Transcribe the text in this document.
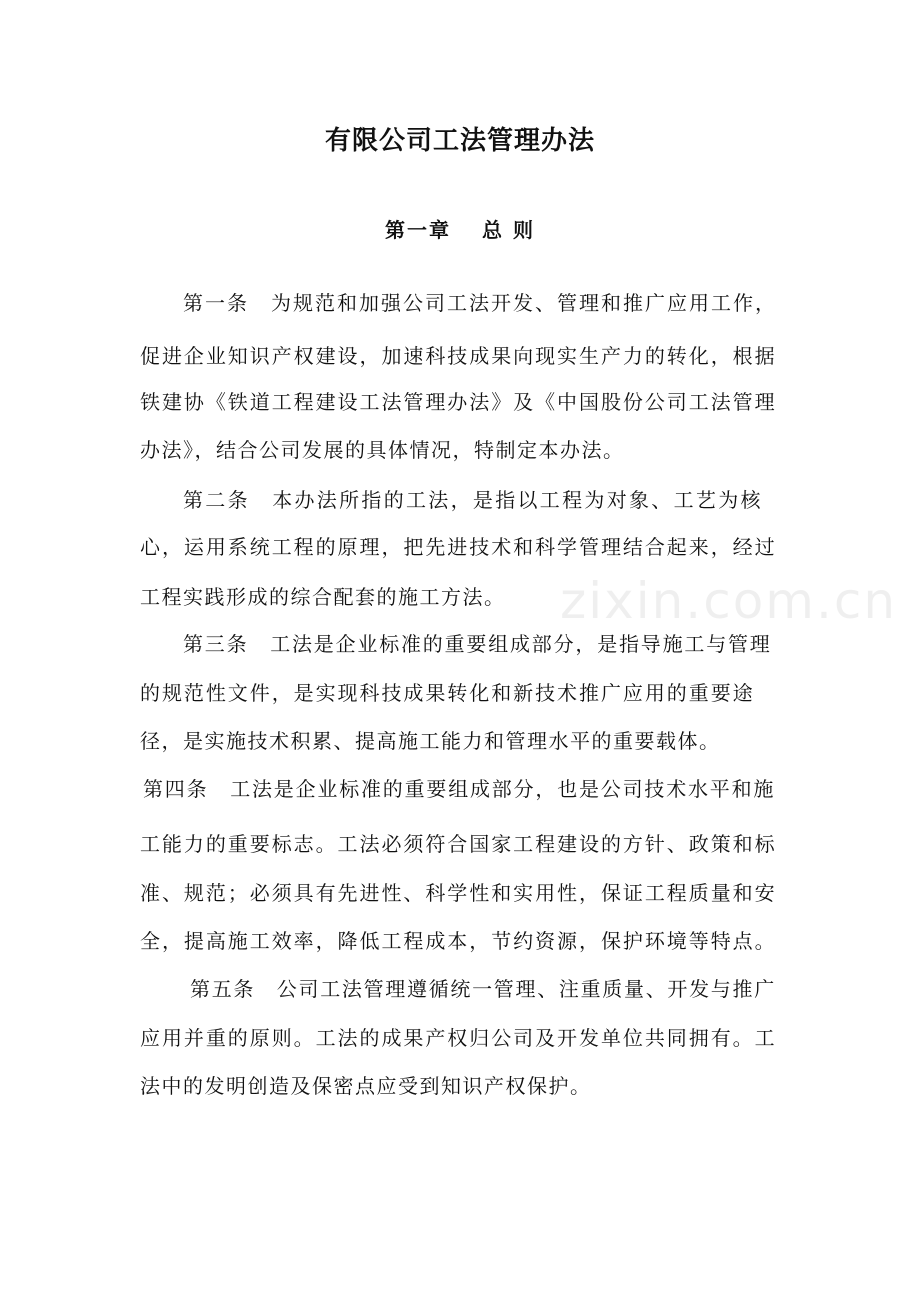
有限公司工法管理办法
第一章　 总 则

第一条　为规范和加强公司工法开发、管理和推广应用工作，

促进企业知识产权建设，加速科技成果向现实生产力的转化，根据

铁建协《铁道工程建设工法管理办法》及《中国股份公司工法管理

办法》，结合公司发展的具体情况，特制定本办法。

第二条　本办法所指的工法，是指以工程为对象、工艺为核

心，运用系统工程的原理，把先进技术和科学管理结合起来，经过

工程实践形成的综合配套的施工方法。

第三条　工法是企业标准的重要组成部分，是指导施工与管理

的规范性文件，是实现科技成果转化和新技术推广应用的重要途

径，是实施技术积累、提高施工能力和管理水平的重要载体。

第四条　工法是企业标准的重要组成部分，也是公司技术水平和施

工能力的重要标志。工法必须符合国家工程建设的方针、政策和标

准、规范；必须具有先进性、科学性和实用性，保证工程质量和安

全，提高施工效率，降低工程成本，节约资源，保护环境等特点。

第五条　公司工法管理遵循统一管理、注重质量、开发与推广

应用并重的原则。工法的成果产权归公司及开发单位共同拥有。工

法中的发明创造及保密点应受到知识产权保护。

zixin.com.cn
